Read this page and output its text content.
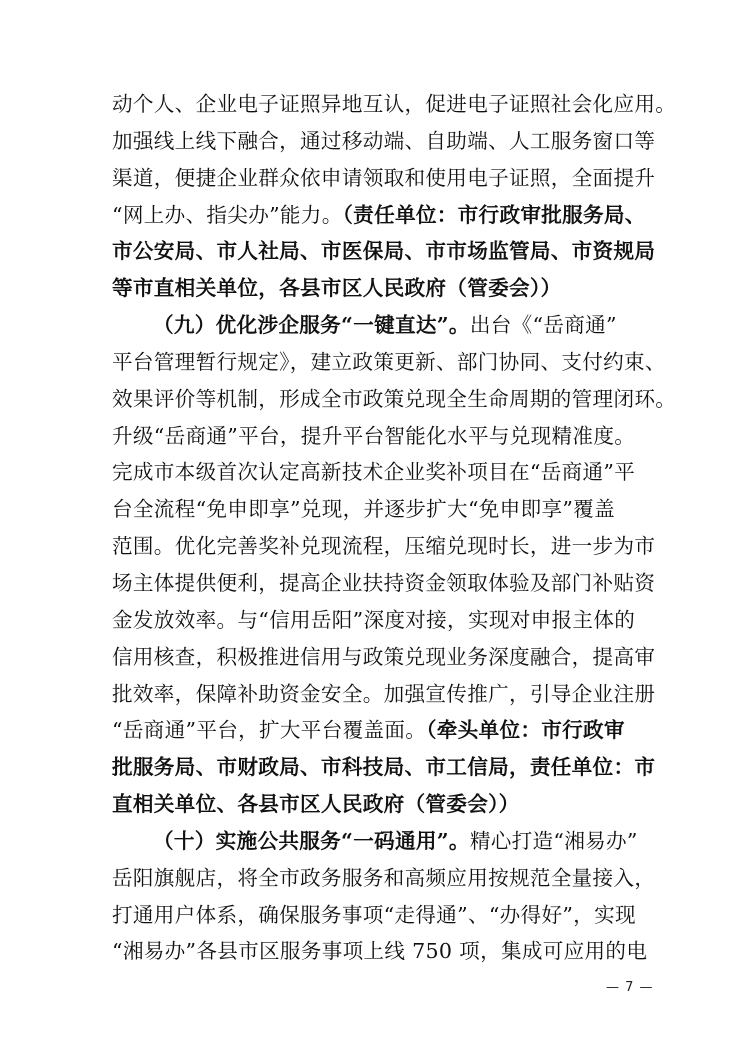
动个人、企业电子证照异地互认，促进电子证照社会化应用。
加强线上线下融合，通过移动端、自助端、人工服务窗口等
渠道，便捷企业群众依申请领取和使用电子证照，全面提升
“网上办、指尖办”能力。（责任单位：市行政审批服务局、
市公安局、市人社局、市医保局、市市场监管局、市资规局
等市直相关单位，各县市区人民政府（管委会））
（九）优化涉企服务“一键直达”。出台《“岳商通”
平台管理暂行规定》，建立政策更新、部门协同、支付约束、
效果评价等机制，形成全市政策兑现全生命周期的管理闭环。
升级“岳商通”平台，提升平台智能化水平与兑现精准度。
完成市本级首次认定高新技术企业奖补项目在“岳商通”平
台全流程“免申即享”兑现，并逐步扩大“免申即享”覆盖
范围。优化完善奖补兑现流程，压缩兑现时长，进一步为市
场主体提供便利，提高企业扶持资金领取体验及部门补贴资
金发放效率。与“信用岳阳”深度对接，实现对申报主体的
信用核查，积极推进信用与政策兑现业务深度融合，提高审
批效率，保障补助资金安全。加强宣传推广，引导企业注册
“岳商通”平台，扩大平台覆盖面。（牵头单位：市行政审
批服务局、市财政局、市科技局、市工信局，责任单位：市
直相关单位、各县市区人民政府（管委会））
（十）实施公共服务“一码通用”。精心打造“湘易办”
岳阳旗舰店，将全市政务服务和高频应用按规范全量接入，
打通用户体系，确保服务事项“走得通”、“办得好”，实现
“湘易办”各县市区服务事项上线 750 项，集成可应用的电
— 7 —
